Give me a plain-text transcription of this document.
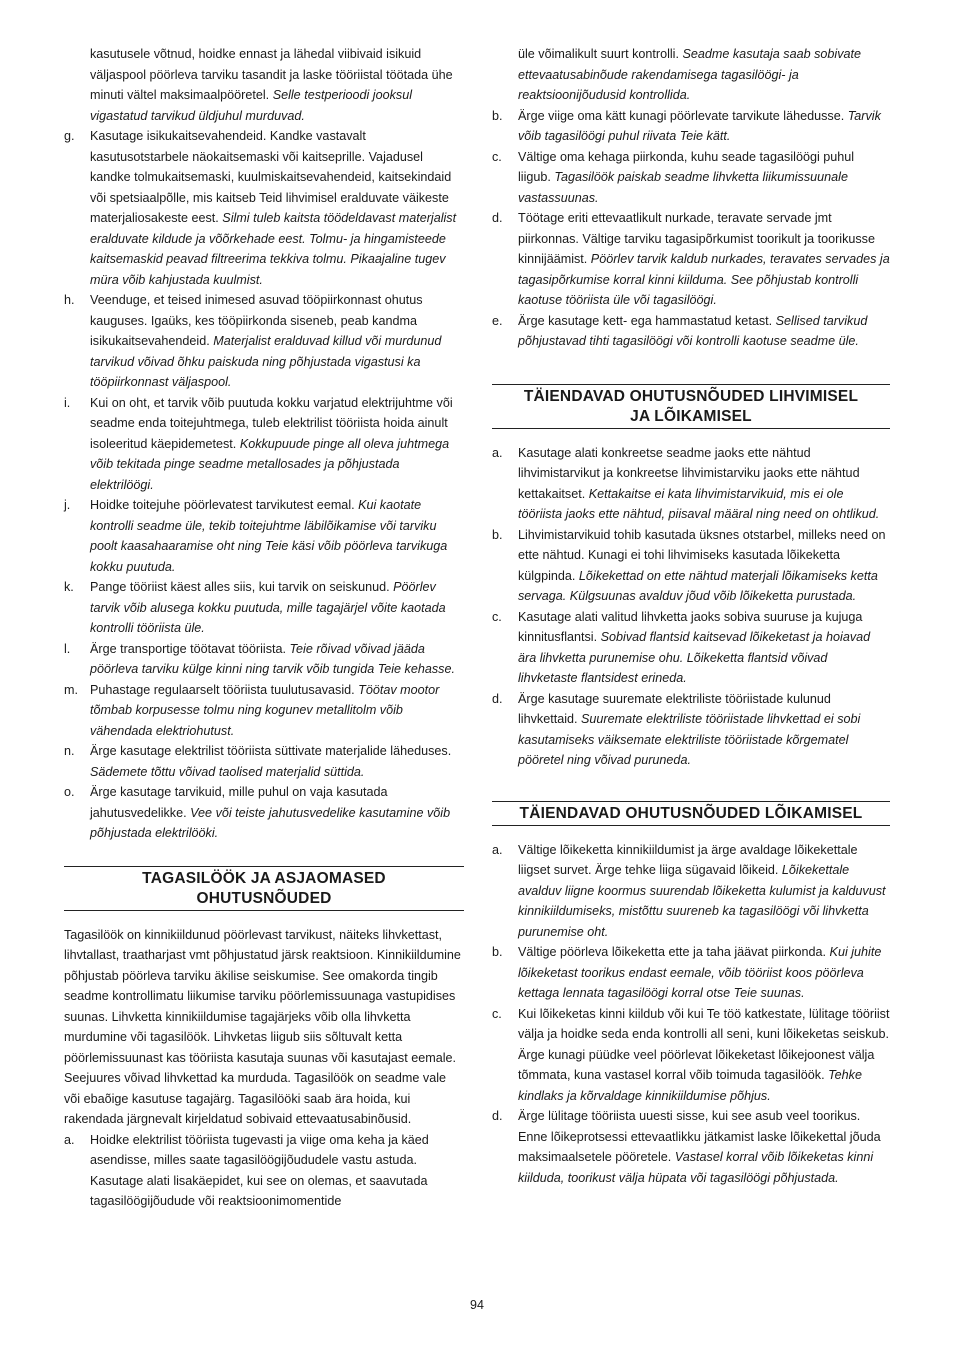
kasutusele võtnud, hoidke ennast ja lähedal viibivaid isikuid väljaspool pöörleva tarviku tasandit ja laske tööriistal töötada ühe minuti vältel maksimaalpööretel. Selle testperioodi jooksul vigastatud tarvikud üldjuhul murduvad.

g. Kasutage isikukaitsevahendeid. Kandke vastavalt kasutusotstarbele näokaitsemaski või kaitseprille. Vajadusel kandke tolmukaitsemaski, kuulmiskaitsevahendeid, kaitsekindaid või spetsiaalpõlle, mis kaitseb Teid lihvimisel eralduvate väikeste materjaliosakeste eest. Silmi tuleb kaitsta töödeldavast materjalist eralduvate kildude ja võõrkehade eest. Tolmu- ja hingamisteede kaitsemaskid peavad filtreerima tekkiva tolmu. Pikaajaline tugev müra võib kahjustada kuulmist.

h. Veenduge, et teised inimesed asuvad tööpiirkonnast ohutus kauguses. Igaüks, kes tööpiirkonda siseneb, peab kandma isikukaitsevahendeid. Materjalist eralduvad killud või murdunud tarvikud võivad õhku paiskuda ning põhjustada vigastusi ka tööpiirkonnast väljaspool.

i. Kui on oht, et tarvik võib puutuda kokku varjatud elektrijuhtme või seadme enda toitejuhtmega, tuleb elektrilist tööriista hoida ainult isoleeritud käepidemetest. Kokkupuude pinge all oleva juhtmega võib tekitada pinge seadme metallosades ja põhjustada elektrilöögi.

j. Hoidke toitejuhe pöörlevatest tarvikutest eemal. Kui kaotate kontrolli seadme üle, tekib toitejuhtme läbilõikamise või tarviku poolt kaasahaaramise oht ning Teie käsi võib pöörleva tarvikuga kokku puutuda.

k. Pange tööriist käest alles siis, kui tarvik on seiskunud. Pöörlev tarvik võib alusega kokku puutuda, mille tagajärjel võite kaotada kontrolli tööriista üle.

l. Ärge transportige töötavat tööriista. Teie rõivad võivad jääda pöörleva tarviku külge kinni ning tarvik võib tungida Teie kehasse.

m. Puhastage regulaarselt tööriista tuulutusavasid. Töötav mootor tõmbab korpusesse tolmu ning kogunev metallitolm võib vähendada elektriohutust.

n. Ärge kasutage elektrilist tööriista süttivate materjalide läheduses. Sädemete tõttu võivad taolised materjalid süttida.

o. Ärge kasutage tarvikuid, mille puhul on vaja kasutada jahutusvedelikke. Vee või teiste jahutusvedelike kasutamine võib põhjustada elektrilööki.

TAGASILÖÖK JA ASJAOMASED
OHUTUSNÕUDED

Tagasilöök on kinnikiildunud pöörlevast tarvikust, näiteks lihvkettast, lihvtallast, traatharjast vmt põhjustatud järsk reaktsioon. Kinnikiildumine põhjustab pöörleva tarviku äkilise seiskumise. See omakorda tingib seadme kontrollimatu liikumise tarviku pöörlemissuunaga vastupidises suunas. Lihvketta kinnikiildumise tagajärjeks võib olla lihvketta murdumine või tagasilöök. Lihvketas liigub siis sõltuvalt ketta pöörlemissuunast kas tööriista kasutaja suunas või kasutajast eemale. Seejuures võivad lihvkettad ka murduda. Tagasilöök on seadme vale või ebaõige kasutuse tagajärg. Tagasilööki saab ära hoida, kui rakendada järgnevalt kirjeldatud sobivaid ettevaatusabinõusid.

a. Hoidke elektrilist tööriista tugevasti ja viige oma keha ja käed asendisse, milles saate tagasilöögijõududele vastu astuda. Kasutage alati lisakäepidet, kui see on olemas, et saavutada tagasilöögijõudude või reaktsioonimomentide

üle võimalikult suurt kontrolli. Seadme kasutaja saab sobivate ettevaatusabinõude rakendamisega tagasilöögi- ja reaktsioonijõudusid kontrollida.

b. Ärge viige oma kätt kunagi pöörlevate tarvikute lähedusse. Tarvik võib tagasilöögi puhul riivata Teie kätt.

c. Vältige oma kehaga piirkonda, kuhu seade tagasilöögi puhul liigub. Tagasilöök paiskab seadme lihvketta liikumissuunale vastassuunas.

d. Töötage eriti ettevaatlikult nurkade, teravate servade jmt piirkonnas. Vältige tarviku tagasipõrkumist toorikult ja toorikusse kinnijäämist. Pöörlev tarvik kaldub nurkades, teravates servades ja tagasipõrkumise korral kinni kiilduma. See põhjustab kontrolli kaotuse tööriista üle või tagasilöögi.

e. Ärge kasutage kett- ega hammastatud ketast. Sellised tarvikud põhjustavad tihti tagasilöögi või kontrolli kaotuse seadme üle.

TÄIENDAVAD OHUTUSNÕUDED LIHVIMISEL
JA LÕIKAMISEL

a. Kasutage alati konkreetse seadme jaoks ette nähtud lihvimistarvikut ja konkreetse lihvimistarviku jaoks ette nähtud kettakaitset. Kettakaitse ei kata lihvimistarvikuid, mis ei ole tööriista jaoks ette nähtud, piisaval määral ning need on ohtlikud.

b. Lihvimistarvikuid tohib kasutada üksnes otstarbel, milleks need on ette nähtud. Kunagi ei tohi lihvimiseks kasutada lõikeketta külgpinda. Lõikekettad on ette nähtud materjali lõikamiseks ketta servaga. Külgsuunas avalduv jõud võib lõikeketta purustada.

c. Kasutage alati valitud lihvketta jaoks sobiva suuruse ja kujuga kinnitusflantsi. Sobivad flantsid kaitsevad lõikeketast ja hoiavad ära lihvketta purunemise ohu. Lõikeketta flantsid võivad lihvketaste flantsidest erineda.

d. Ärge kasutage suuremate elektriliste tööriistade kulunud lihvkettaid. Suuremate elektriliste tööriistade lihvkettad ei sobi kasutamiseks väiksemate elektriliste tööriistade kõrgematel pööretel ning võivad puruneda.

TÄIENDAVAD OHUTUSNÕUDED LÕIKAMISEL

a. Vältige lõikeketta kinnikiildumist ja ärge avaldage lõikekettale liigset survet. Ärge tehke liiga sügavaid lõikeid. Lõikekettale avalduv liigne koormus suurendab lõikeketta kulumist ja kalduvust kinnikiildumiseks, mistõttu suureneb ka tagasilöögi või lihvketta purunemise oht.

b. Vältige pöörleva lõikeketta ette ja taha jäävat piirkonda. Kui juhite lõikeketast toorikus endast eemale, võib tööriist koos pöörleva kettaga lennata tagasilöögi korral otse Teie suunas.

c. Kui lõikeketas kinni kiildub või kui Te töö katkestate, lülitage tööriist välja ja hoidke seda enda kontrolli all seni, kuni lõikeketas seiskub. Ärge kunagi püüdke veel pöörlevat lõikeketast lõikejoonest välja tõmmata, kuna vastasel korral võib toimuda tagasilöök. Tehke kindlaks ja kõrvaldage kinnikiildumise põhjus.

d. Ärge lülitage tööriista uuesti sisse, kui see asub veel toorikus. Enne lõikeprotsessi ettevaatlikku jätkamist laske lõikekettal jõuda maksimaalsetele pööretele. Vastasel korral võib lõikeketas kinni kiilduda, toorikust välja hüpata või tagasilöögi põhjustada.

94
